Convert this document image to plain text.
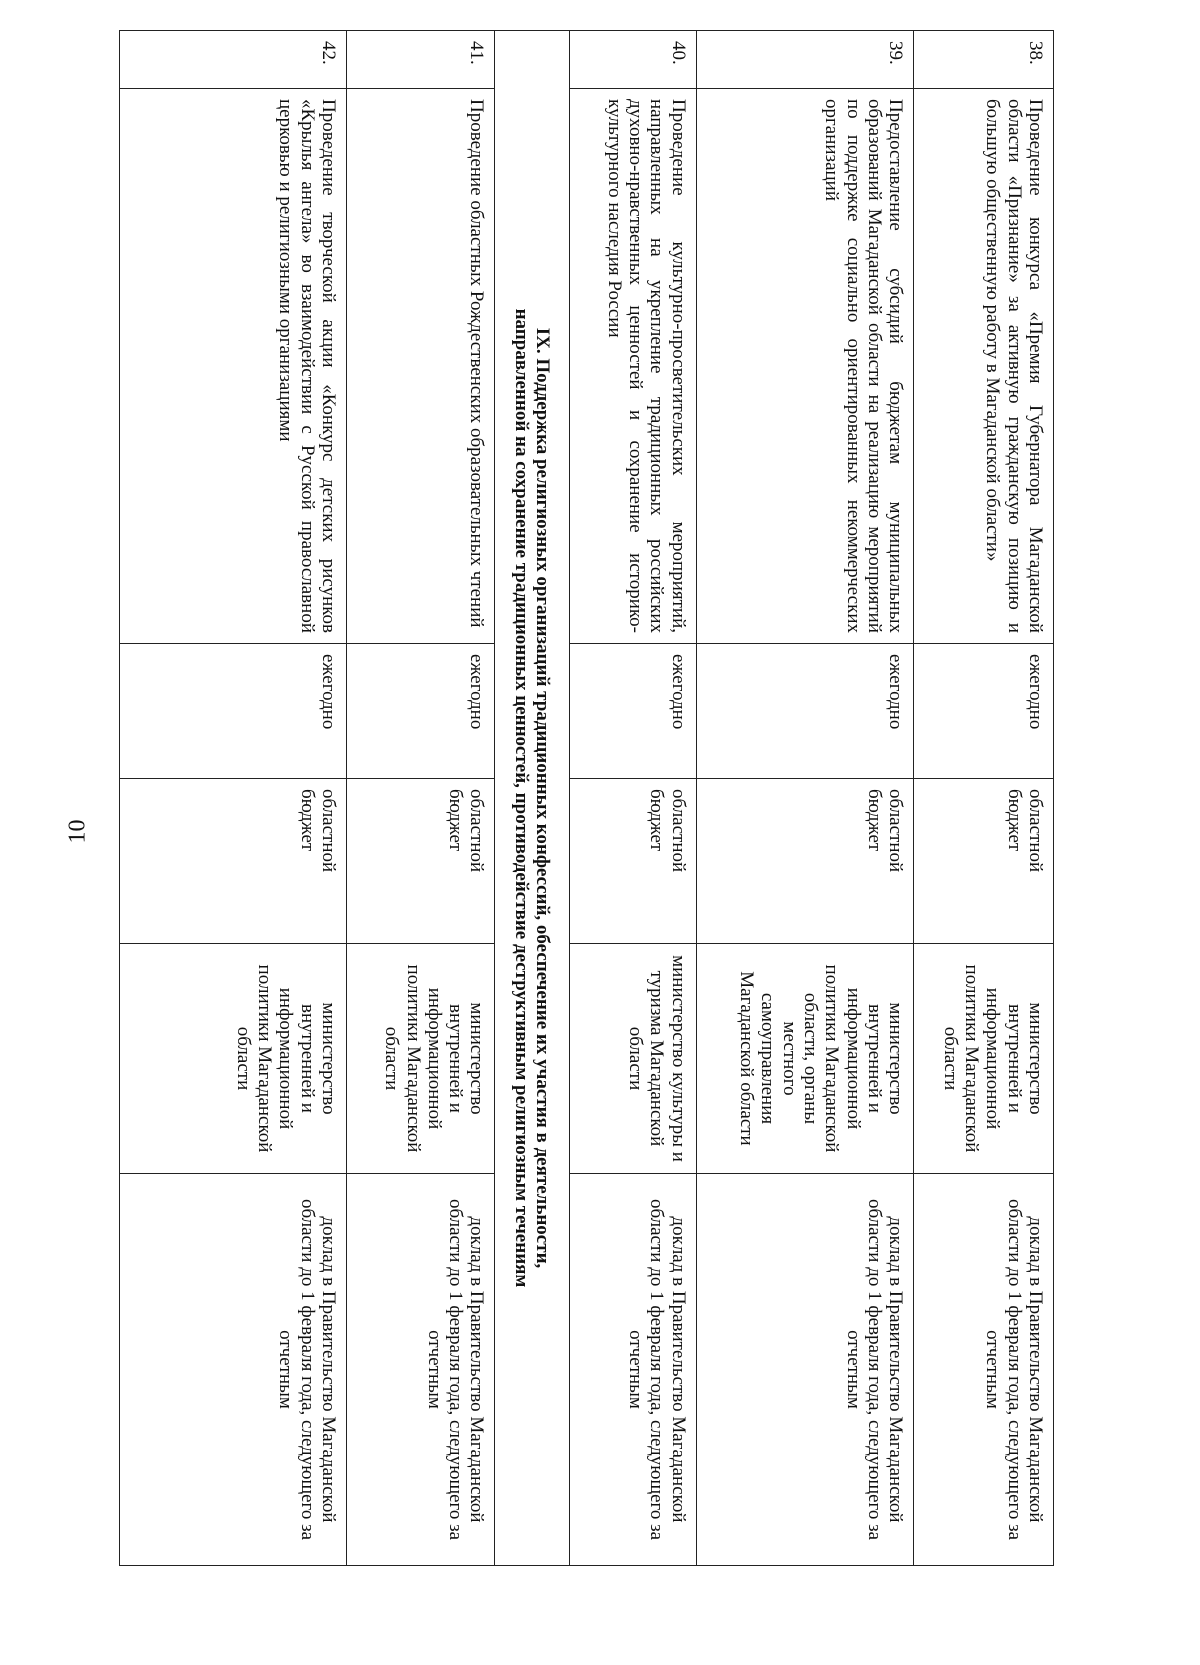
10
38.	Проведение конкурса «Премия Губернатора Магаданской области «Признание» за активную гражданскую позицию и большую общественную работу в Магаданской области»	ежегодно	областной бюджет	министерство внутренней и информационной политики Магаданской области	доклад в Правительство Магаданской области до 1 февраля года, следующего за отчетным
39.	Предоставление субсидий бюджетам муниципальных образований Магаданской области на реализацию мероприятий по поддержке социально ориентированных некоммерческих организаций	ежегодно	областной бюджет	министерство внутренней и информационной политики Магаданской области, органы местного самоуправления Магаданской области	доклад в Правительство Магаданской области до 1 февраля года, следующего за отчетным
40.	Проведение культурно-просветительских мероприятий, направленных на укрепление традиционных российских духовно-нравственных ценностей и сохранение историко-культурного наследия России	ежегодно	областной бюджет	министерство культуры и туризма Магаданской области	доклад в Правительство Магаданской области до 1 февраля года, следующего за отчетным

IX. Поддержка религиозных организаций традиционных конфессий, обеспечение их участия в деятельности,
направленной на сохранение традиционных ценностей, противодействие деструктивным религиозным течениям					

41.	Проведение областных Рождественских образовательных чтений	ежегодно	областной бюджет	министерство внутренней и информационной политики Магаданской области	доклад в Правительство Магаданской области до 1 февраля года, следующего за отчетным
42.	Проведение творческой акции «Конкурс детских рисунков «Крылья ангела» во взаимодействии с Русской православной церковью и религиозными организациями	ежегодно	областной бюджет	министерство внутренней и информационной политики Магаданской области	доклад в Правительство Магаданской области до 1 февраля года, следующего за отчетным
